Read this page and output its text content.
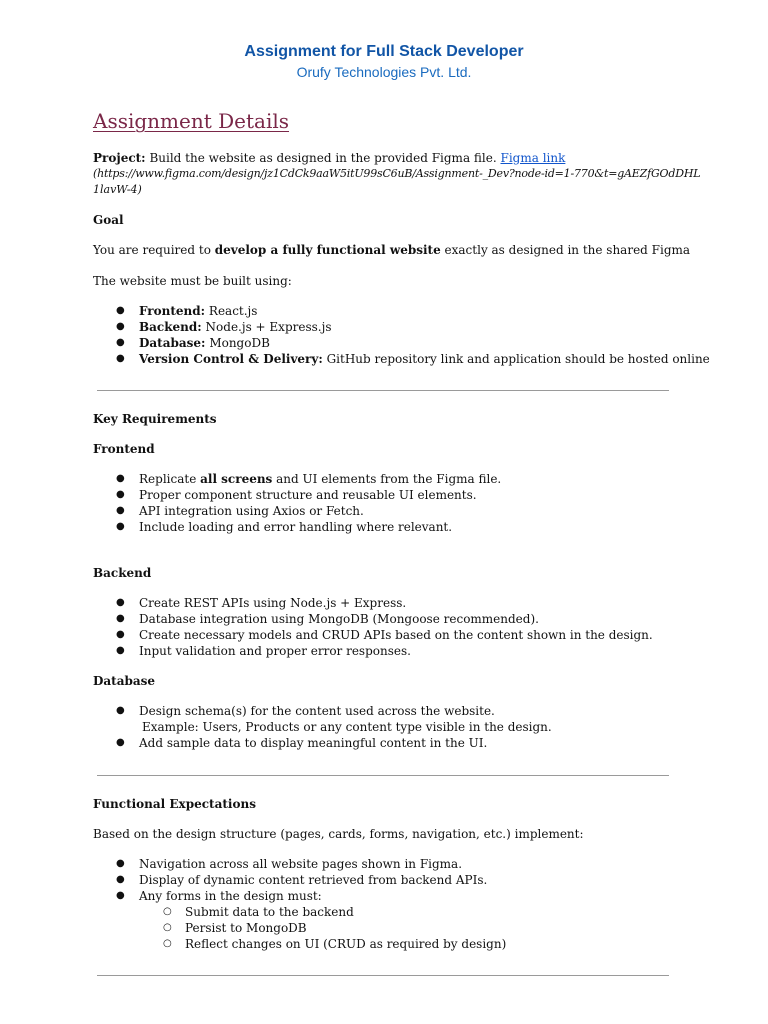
Assignment for Full Stack Developer
Orufy Technologies Pvt. Ltd.
Assignment Details
Project: Build the website as designed in the provided Figma file. Figma link
(https://www.figma.com/design/jz1CdCk9aaW5itU99sC6uB/Assignment-_Dev?node-id=1-770&t=gAEZfGOdDHL
1lavW-4)
Goal
You are required to develop a fully functional website exactly as designed in the shared Figma
The website must be built using:
● Frontend: React.js
● Backend: Node.js + Express.js
● Database: MongoDB
● Version Control & Delivery: GitHub repository link and application should be hosted online
Key Requirements
Frontend
● Replicate all screens and UI elements from the Figma file.
● Proper component structure and reusable UI elements.
● API integration using Axios or Fetch.
● Include loading and error handling where relevant.
Backend
● Create REST APIs using Node.js + Express.
● Database integration using MongoDB (Mongoose recommended).
● Create necessary models and CRUD APIs based on the content shown in the design.
● Input validation and proper error responses.
Database
● Design schema(s) for the content used across the website.
Example: Users, Products or any content type visible in the design.
● Add sample data to display meaningful content in the UI.
Functional Expectations
Based on the design structure (pages, cards, forms, navigation, etc.) implement:
● Navigation across all website pages shown in Figma.
● Display of dynamic content retrieved from backend APIs.
● Any forms in the design must:
○ Submit data to the backend
○ Persist to MongoDB
○ Reflect changes on UI (CRUD as required by design)
